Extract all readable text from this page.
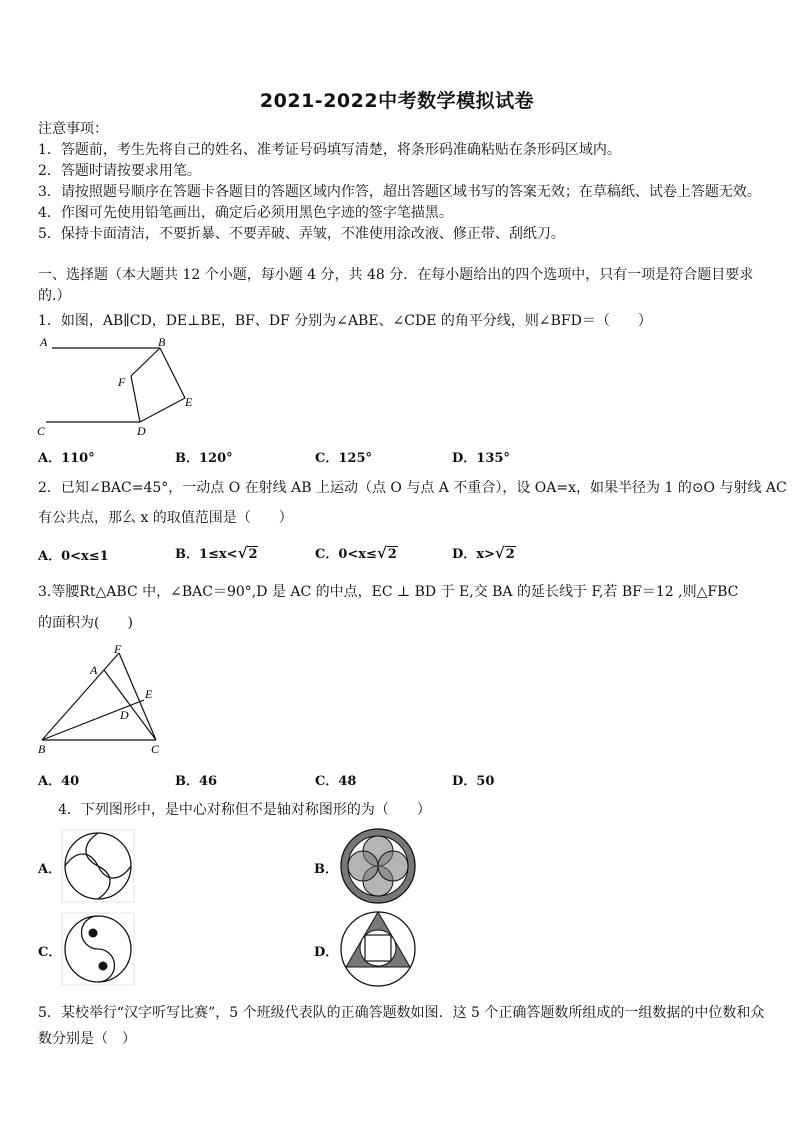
2021-2022中考数学模拟试卷
注意事项：
1．答题前，考生先将自己的姓名、准考证号码填写清楚，将条形码准确粘贴在条形码区域内。
2．答题时请按要求用笔。
3．请按照题号顺序在答题卡各题目的答题区域内作答，超出答题区域书写的答案无效；在草稿纸、试卷上答题无效。
4．作图可先使用铅笔画出，确定后必须用黑色字迹的签字笔描黑。
5．保持卡面清洁，不要折暴、不要弄破、弄皱，不准使用涂改液、修正带、刮纸刀。
一、选择题（本大题共 12 个小题，每小题 4 分，共 48 分．在每小题给出的四个选项中，只有一项是符合题目要求
的.）
1．如图，AB∥CD，DE⊥BE，BF、DF 分别为∠ABE、∠CDE 的角平分线，则∠BFD＝（　　）
A	B
F
E
C	D
A．110°	B．120°	C．125°	D．135°
2．已知∠BAC=45°，一动点 O 在射线 AB 上运动（点 O 与点 A 不重合），设 OA=x，如果半径为 1 的⊙O 与射线 AC
有公共点，那么 x 的取值范围是（　　）
A．0<x≤1	B．1≤x<√2	C．0<x≤√2	D．x>√2
3.等腰Rt△ABC 中，∠BAC＝90°,D 是 AC 的中点，EC ⊥ BD 于 E,交 BA 的延长线于 F,若 BF＝12 ,则△FBC
的面积为(　　)
F
A
E
D
B	C
A．40	B．46	C．48	D．50
4．下列图形中，是中心对称但不是轴对称图形的为（　　）
A．	B．
C．	D．
5．某校举行“汉字听写比赛”，5 个班级代表队的正确答题数如图．这 5 个正确答题数所组成的一组数据的中位数和众
数分别是（　）
